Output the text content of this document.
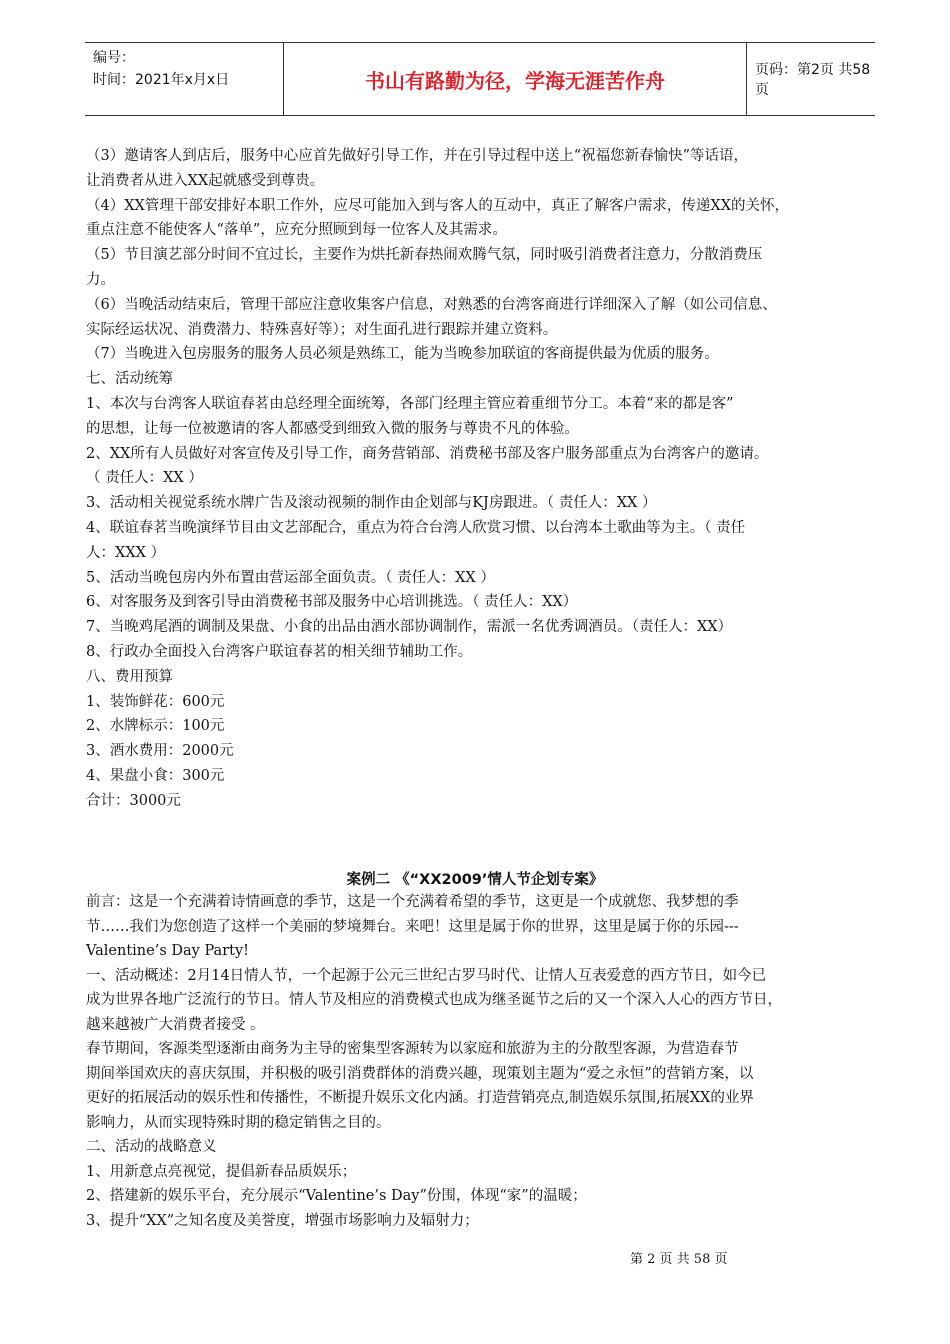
编号：
时间：2021年x月x日	书山有路勤为径，学海无涯苦作舟	页码：第2页 共58页
（3）邀请客人到店后，服务中心应首先做好引导工作，并在引导过程中送上“祝福您新春愉快”等话语，
让消费者从进入XX起就感受到尊贵。
（4）XX管理干部安排好本职工作外，应尽可能加入到与客人的互动中，真正了解客户需求，传递XX的关怀，
重点注意不能使客人“落单”，应充分照顾到每一位客人及其需求。
（5）节目演艺部分时间不宜过长，主要作为烘托新春热闹欢腾气氛，同时吸引消费者注意力，分散消费压
力。
（6）当晚活动结束后，管理干部应注意收集客户信息，对熟悉的台湾客商进行详细深入了解（如公司信息、
实际经运状况、消费潜力、特殊喜好等）；对生面孔进行跟踪并建立资料。
（7）当晚进入包房服务的服务人员必须是熟练工，能为当晚参加联谊的客商提供最为优质的服务。
七、活动统筹
1、本次与台湾客人联谊春茗由总经理全面统筹，各部门经理主管应着重细节分工。本着“来的都是客”
的思想，让每一位被邀请的客人都感受到细致入微的服务与尊贵不凡的体验。
2、XX所有人员做好对客宣传及引导工作，商务营销部、消费秘书部及客户服务部重点为台湾客户的邀请。
（ 责任人：XX ）
3、活动相关视觉系统水牌广告及滚动视频的制作由企划部与KJ房跟进。（ 责任人：XX ）
4、联谊春茗当晚演绎节目由文艺部配合，重点为符合台湾人欣赏习惯、以台湾本土歌曲等为主。（ 责任
人：XXX ）
5、活动当晚包房内外布置由营运部全面负责。（ 责任人：XX ）
6、对客服务及到客引导由消费秘书部及服务中心培训挑选。（ 责任人：XX）
7、当晚鸡尾酒的调制及果盘、小食的出品由酒水部协调制作，需派一名优秀调酒员。（责任人：XX）
8、行政办全面投入台湾客户联谊春茗的相关细节辅助工作。
八、费用预算
1、装饰鲜花：600元
2、水牌标示：100元
3、酒水费用：2000元
4、果盘小食：300元
合计：3000元
案例二 《“XX2009’情人节企划专案》
前言：这是一个充满着诗情画意的季节，这是一个充满着希望的季节，这更是一个成就您、我梦想的季
节……我们为您创造了这样一个美丽的梦境舞台。来吧！这里是属于你的世界，这里是属于你的乐园---
Valentine’s Day Party!
一、活动概述：2月14日情人节，一个起源于公元三世纪古罗马时代、让情人互表爱意的西方节日，如今已
成为世界各地广泛流行的节日。情人节及相应的消费模式也成为继圣诞节之后的又一个深入人心的西方节日，
越来越被广大消费者接受 。
春节期间，客源类型逐渐由商务为主导的密集型客源转为以家庭和旅游为主的分散型客源，为营造春节
期间举国欢庆的喜庆氛围，并积极的吸引消费群体的消费兴趣，现策划主题为“爱之永恒”的营销方案，以
更好的拓展活动的娱乐性和传播性，不断提升娱乐文化内涵。打造营销亮点,制造娱乐氛围,拓展XX的业界
影响力，从而实现特殊时期的稳定销售之目的。
二、活动的战略意义
1、用新意点亮视觉，提倡新春品质娱乐；
2、搭建新的娱乐平台，充分展示“Valentine’s Day”份围，体现“家”的温暖；
3、提升“XX”之知名度及美誉度，增强市场影响力及辐射力；
第 2 页 共 58 页
